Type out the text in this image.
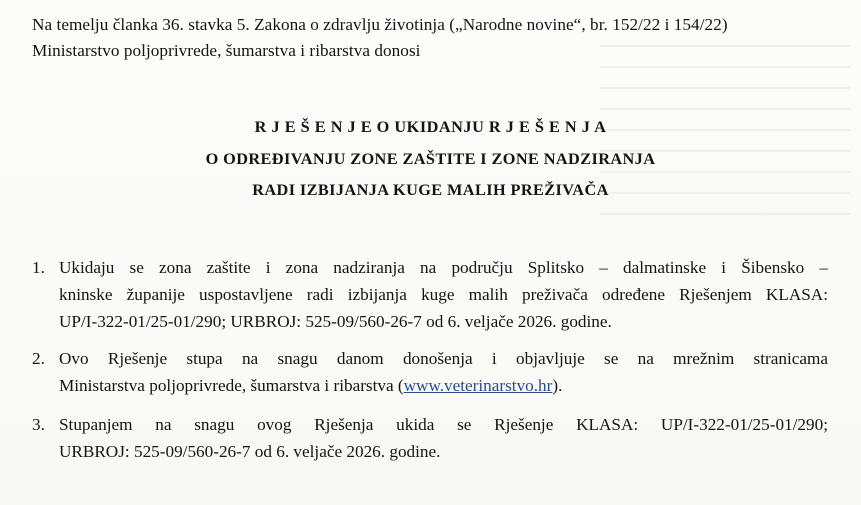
Na temelju članka 36. stavka 5. Zakona o zdravlju životinja („Narodne novine“, br. 152/22 i 154/22)
Ministarstvo poljoprivrede, šumarstva i ribarstva donosi
R J E Š E N J E O UKIDANJU R J E Š E N J A
O ODREĐIVANJU ZONE ZAŠTITE I ZONE NADZIRANJA
RADI IZBIJANJA KUGE MALIH PREŽIVAČA
1. Ukidaju se zona zaštite i zona nadziranja na području Splitsko – dalmatinske i Šibensko –
kninske županije uspostavljene radi izbijanja kuge malih preživača određene Rješenjem KLASA:
UP/I-322-01/25-01/290; URBROJ: 525-09/560-26-7 od 6. veljače 2026. godine.
2. Ovo Rješenje stupa na snagu danom donošenja i objavljuje se na mrežnim stranicama
Ministarstva poljoprivrede, šumarstva i ribarstva (www.veterinarstvo.hr).
3. Stupanjem na snagu ovog Rješenja ukida se Rješenje KLASA: UP/I-322-01/25-01/290;
URBROJ: 525-09/560-26-7 od 6. veljače 2026. godine.
